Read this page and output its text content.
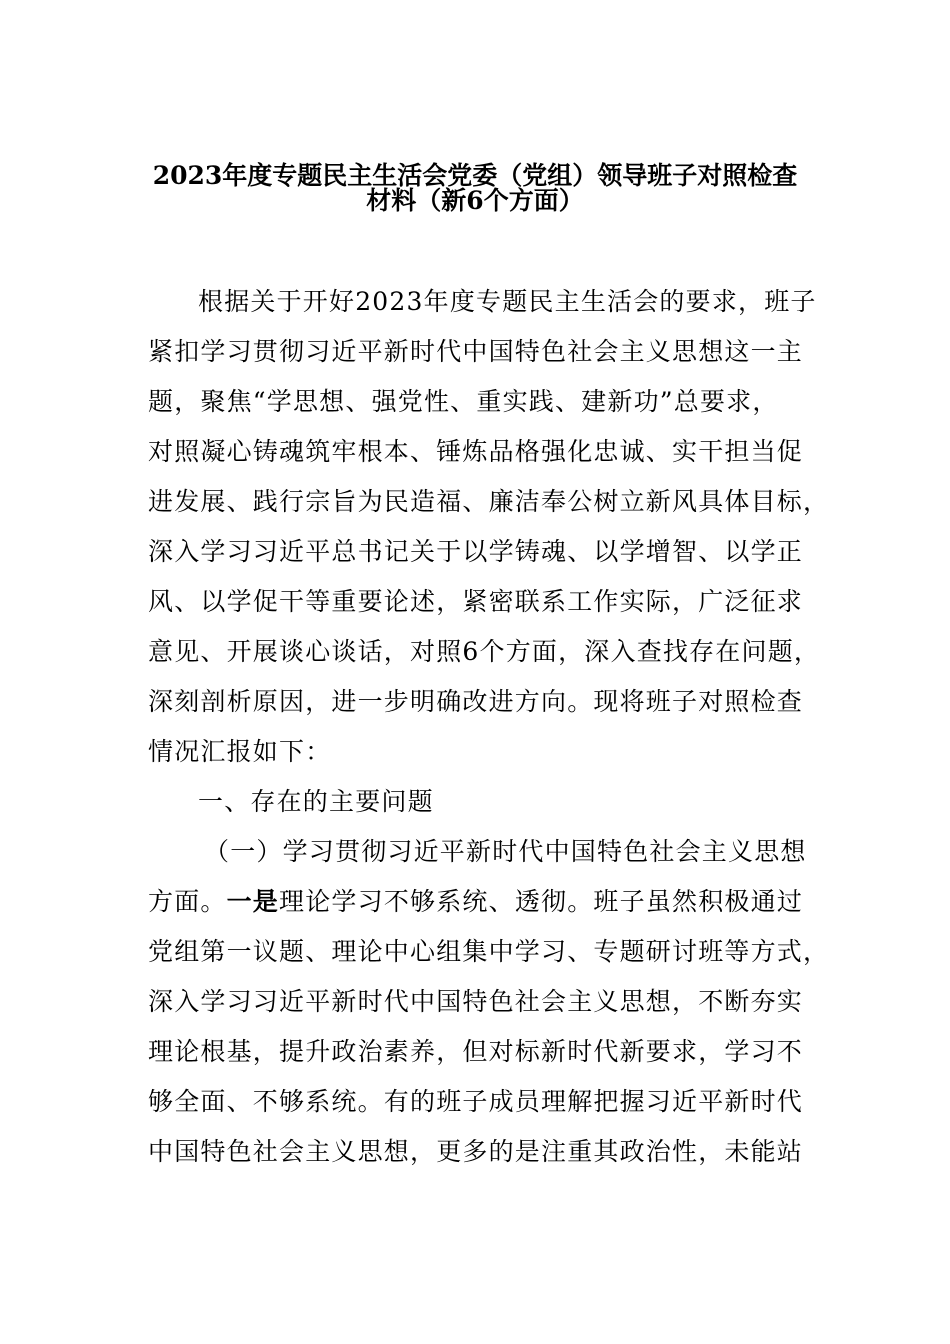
2023年度专题民主生活会党委（党组）领导班子对照检查
材料（新6个方面）
根据关于开好2023年度专题民主生活会的要求，班子
紧扣学习贯彻习近平新时代中国特色社会主义思想这一主
题，聚焦“学思想、强党性、重实践、建新功”总要求，
对照凝心铸魂筑牢根本、锤炼品格强化忠诚、实干担当促
进发展、践行宗旨为民造福、廉洁奉公树立新风具体目标，
深入学习习近平总书记关于以学铸魂、以学增智、以学正
风、以学促干等重要论述，紧密联系工作实际，广泛征求
意见、开展谈心谈话，对照6个方面，深入查找存在问题，
深刻剖析原因，进一步明确改进方向。现将班子对照检查
情况汇报如下：
一、存在的主要问题
（一）学习贯彻习近平新时代中国特色社会主义思想
方面。一是理论学习不够系统、透彻。班子虽然积极通过
党组第一议题、理论中心组集中学习、专题研讨班等方式，
深入学习习近平新时代中国特色社会主义思想，不断夯实
理论根基，提升政治素养，但对标新时代新要求，学习不
够全面、不够系统。有的班子成员理解把握习近平新时代
中国特色社会主义思想，更多的是注重其政治性，未能站
